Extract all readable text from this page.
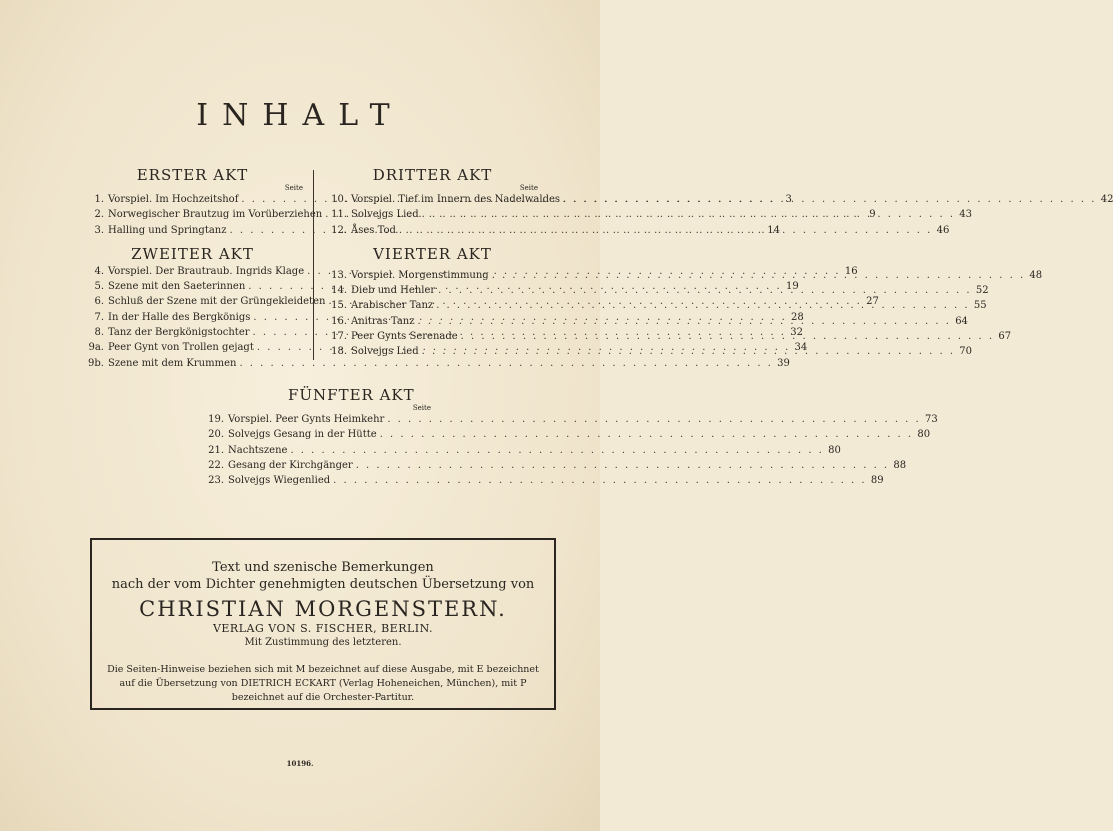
INHALT
ERSTER AKT
Seite
1. Vorspiel. Im Hochzeitshof . . .	3
2. Norwegischer Brautzug im Vorüberziehen . . .	9
3. Halling und Springtanz . . .	14
ZWEITER AKT
4. Vorspiel. Der Brautraub. Ingrids Klage . . .	16
5. Szene mit den Saeterinnen . . .	19
6. Schluß der Szene mit der Grüngekleideten . . .	27
7. In der Halle des Bergkönigs . . .	28
8. Tanz der Bergkönigstochter . . .	32
9a. Peer Gynt von Trollen gejagt . . .	34
9b. Szene mit dem Krummen . . .	39
DRITTER AKT
Seite
10. Vorspiel. Tief im Innern des Nadelwaldes . . .	42
11. Solvejgs Lied . . .	43
12. Åses Tod . . .	46
VIERTER AKT
13. Vorspiel. Morgenstimmung . . .	48
14. Dieb und Hehler . . .	52
15. Arabischer Tanz . . .	55
16. Anitras Tanz . . .	64
17. Peer Gynts Serenade . . .	67
18. Solvejgs Lied . . .	70
FÜNFTER AKT
Seite
19. Vorspiel. Peer Gynts Heimkehr . . .	73
20. Solvejgs Gesang in der Hütte . . .	80
21. Nachtszene . . .	80
22. Gesang der Kirchgänger . . .	88
23. Solvejgs Wiegenlied . . .	89
Text und szenische Bemerkungen
nach der vom Dichter genehmigten deutschen Übersetzung von
CHRISTIAN MORGENSTERN.
VERLAG VON S. FISCHER, BERLIN.
Mit Zustimmung des letzteren.
Die Seiten-Hinweise beziehen sich mit M bezeichnet auf diese Ausgabe, mit E bezeichnet auf die Übersetzung von DIETRICH ECKART (Verlag Hoheneichen, München), mit P bezeichnet auf die Orchester-Partitur.
10196.
